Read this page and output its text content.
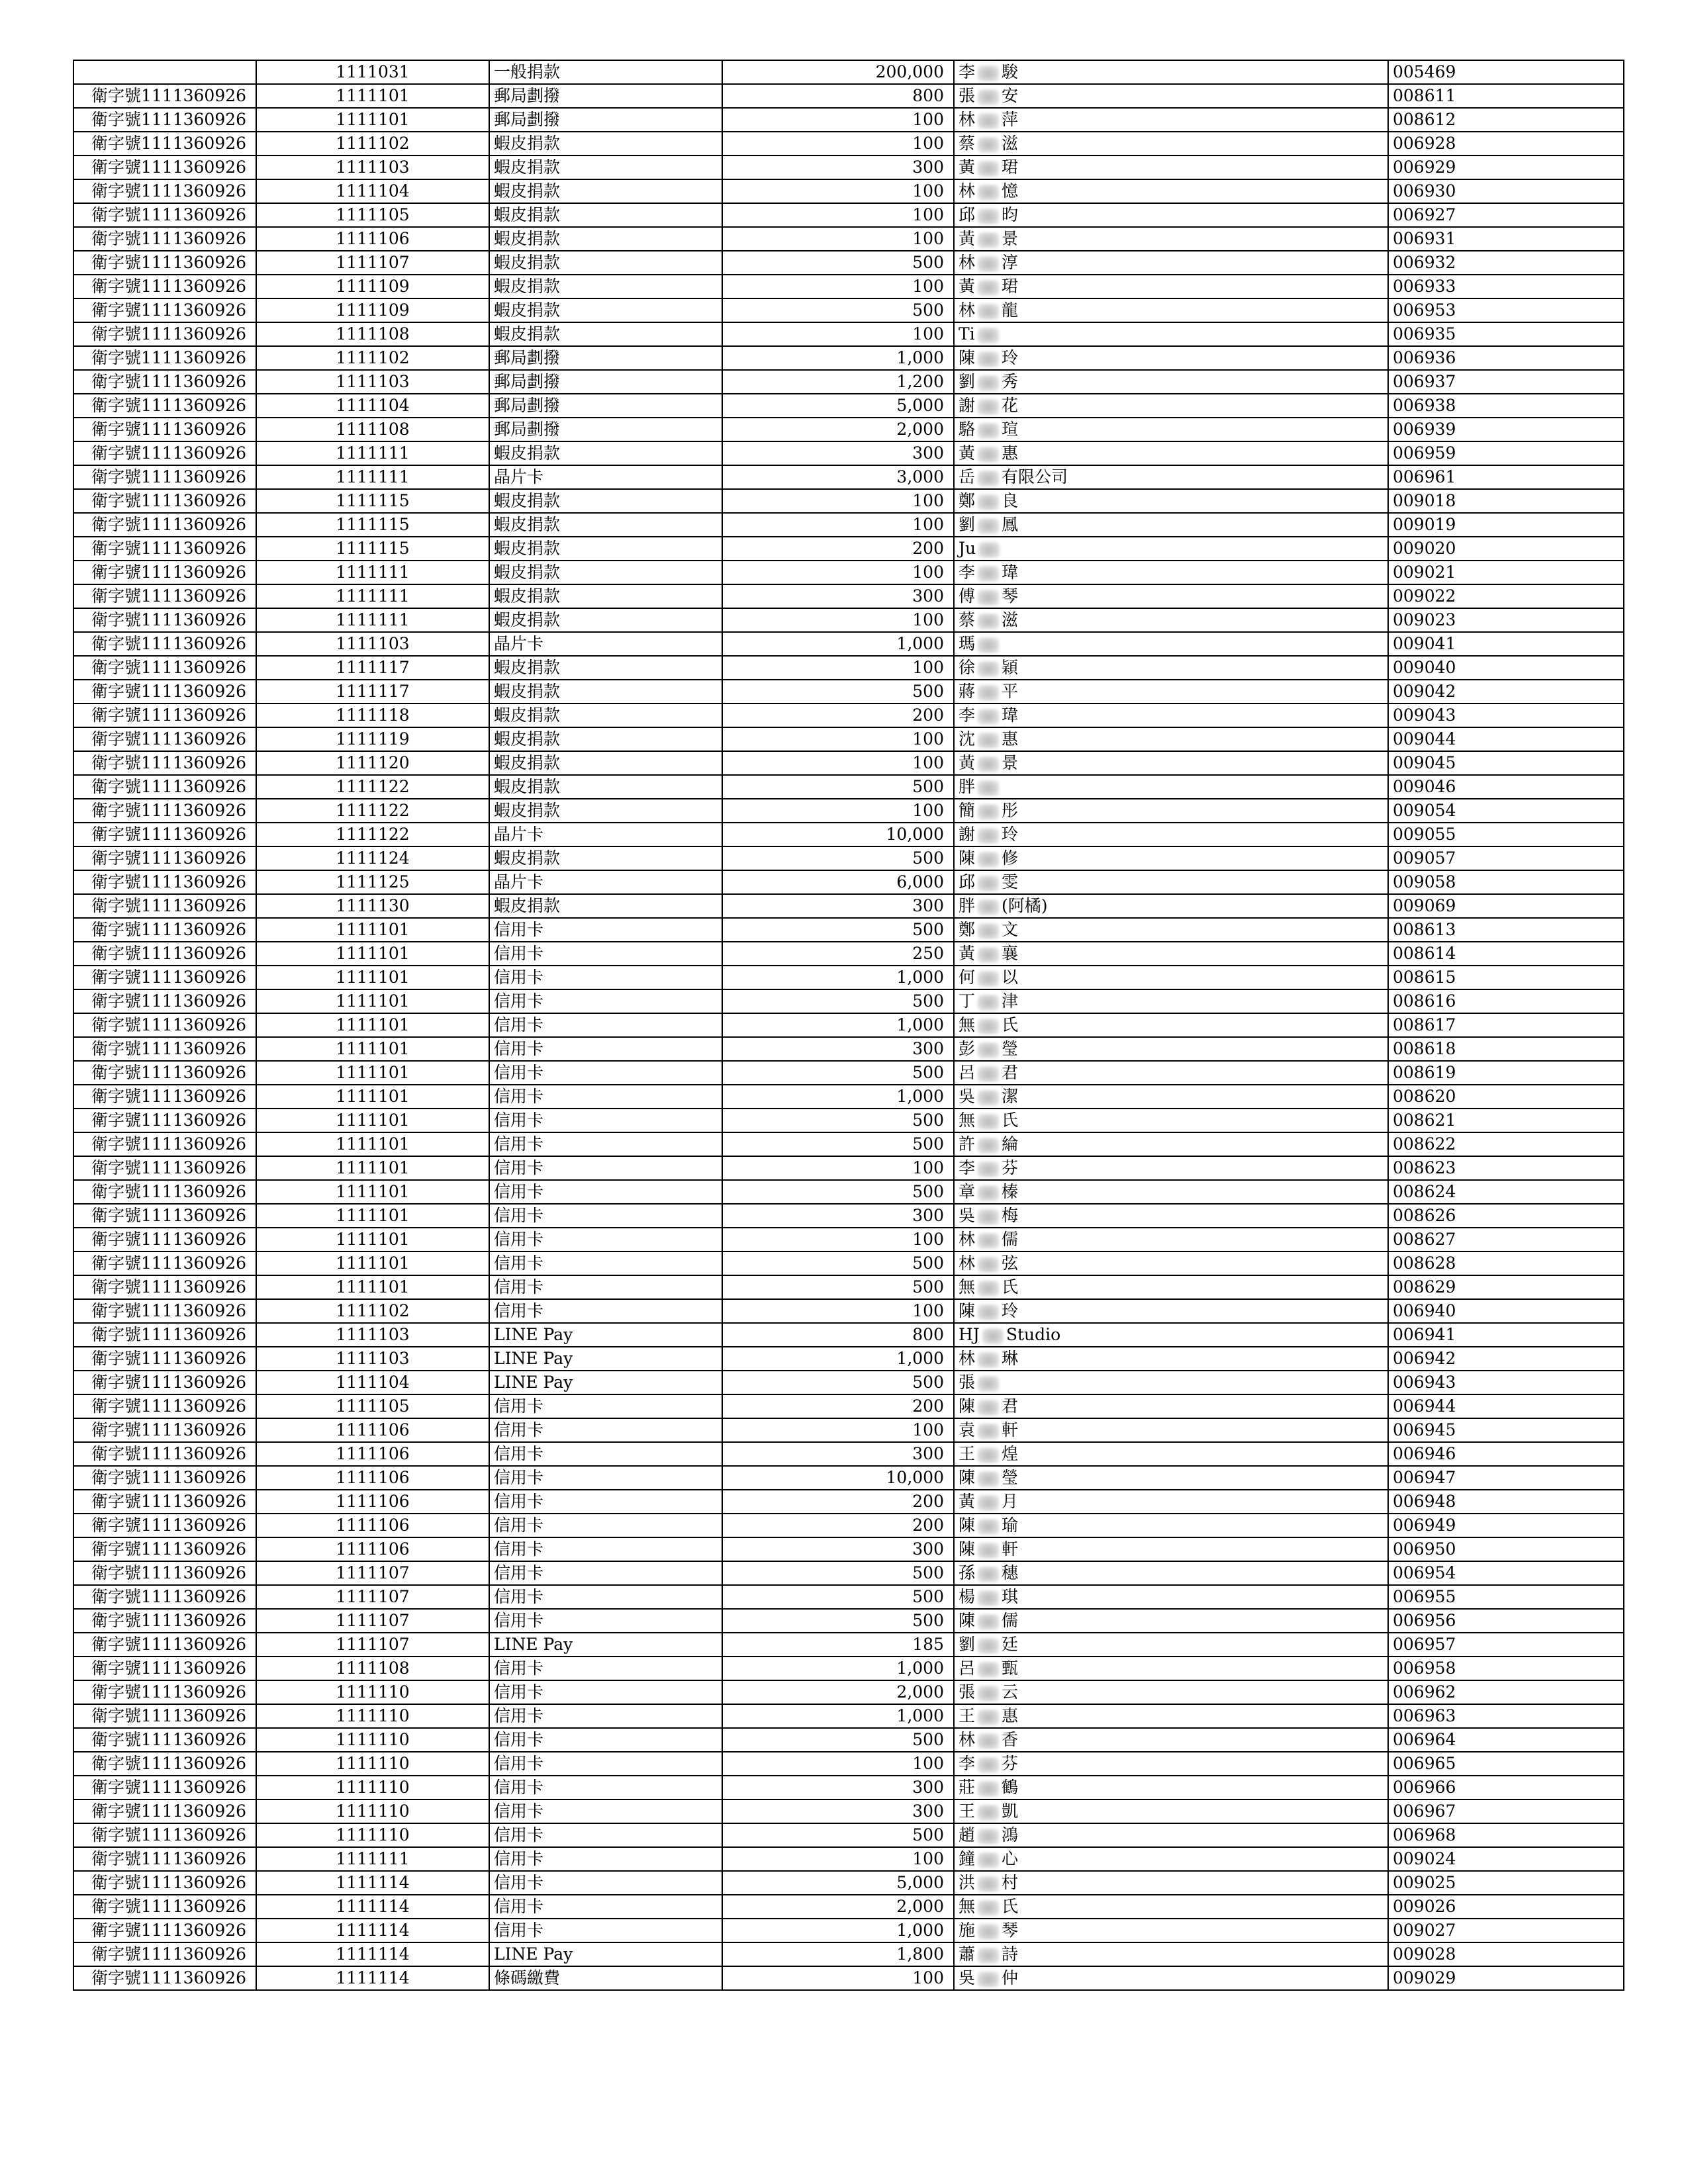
	1111031	一般捐款	200,000	李 駿	005469
衛字號1111360926	1111101	郵局劃撥	800	張 安	008611
衛字號1111360926	1111101	郵局劃撥	100	林 萍	008612
衛字號1111360926	1111102	蝦皮捐款	100	蔡 滋	006928
衛字號1111360926	1111103	蝦皮捐款	300	黃 珺	006929
衛字號1111360926	1111104	蝦皮捐款	100	林 憶	006930
衛字號1111360926	1111105	蝦皮捐款	100	邱 昀	006927
衛字號1111360926	1111106	蝦皮捐款	100	黃 景	006931
衛字號1111360926	1111107	蝦皮捐款	500	林 淳	006932
衛字號1111360926	1111109	蝦皮捐款	100	黃 珺	006933
衛字號1111360926	1111109	蝦皮捐款	500	林 龍	006953
衛字號1111360926	1111108	蝦皮捐款	100	Ti	006935
衛字號1111360926	1111102	郵局劃撥	1,000	陳 玲	006936
衛字號1111360926	1111103	郵局劃撥	1,200	劉 秀	006937
衛字號1111360926	1111104	郵局劃撥	5,000	謝 花	006938
衛字號1111360926	1111108	郵局劃撥	2,000	駱 瑄	006939
衛字號1111360926	1111111	蝦皮捐款	300	黃 惠	006959
衛字號1111360926	1111111	晶片卡	3,000	岳 有限公司	006961
衛字號1111360926	1111115	蝦皮捐款	100	鄭 良	009018
衛字號1111360926	1111115	蝦皮捐款	100	劉 鳳	009019
衛字號1111360926	1111115	蝦皮捐款	200	Ju	009020
衛字號1111360926	1111111	蝦皮捐款	100	李 瑋	009021
衛字號1111360926	1111111	蝦皮捐款	300	傅 琴	009022
衛字號1111360926	1111111	蝦皮捐款	100	蔡 滋	009023
衛字號1111360926	1111103	晶片卡	1,000	瑪	009041
衛字號1111360926	1111117	蝦皮捐款	100	徐 穎	009040
衛字號1111360926	1111117	蝦皮捐款	500	蔣 平	009042
衛字號1111360926	1111118	蝦皮捐款	200	李 瑋	009043
衛字號1111360926	1111119	蝦皮捐款	100	沈 惠	009044
衛字號1111360926	1111120	蝦皮捐款	100	黃 景	009045
衛字號1111360926	1111122	蝦皮捐款	500	胖	009046
衛字號1111360926	1111122	蝦皮捐款	100	簡 彤	009054
衛字號1111360926	1111122	晶片卡	10,000	謝 玲	009055
衛字號1111360926	1111124	蝦皮捐款	500	陳 修	009057
衛字號1111360926	1111125	晶片卡	6,000	邱 雯	009058
衛字號1111360926	1111130	蝦皮捐款	300	胖 (阿橘)	009069
衛字號1111360926	1111101	信用卡	500	鄭 文	008613
衛字號1111360926	1111101	信用卡	250	黃 襄	008614
衛字號1111360926	1111101	信用卡	1,000	何 以	008615
衛字號1111360926	1111101	信用卡	500	丁 津	008616
衛字號1111360926	1111101	信用卡	1,000	無 氏	008617
衛字號1111360926	1111101	信用卡	300	彭 瑩	008618
衛字號1111360926	1111101	信用卡	500	呂 君	008619
衛字號1111360926	1111101	信用卡	1,000	吳 潔	008620
衛字號1111360926	1111101	信用卡	500	無 氏	008621
衛字號1111360926	1111101	信用卡	500	許 綸	008622
衛字號1111360926	1111101	信用卡	100	李 芬	008623
衛字號1111360926	1111101	信用卡	500	章 榛	008624
衛字號1111360926	1111101	信用卡	300	吳 梅	008626
衛字號1111360926	1111101	信用卡	100	林 儒	008627
衛字號1111360926	1111101	信用卡	500	林 弦	008628
衛字號1111360926	1111101	信用卡	500	無 氏	008629
衛字號1111360926	1111102	信用卡	100	陳 玲	006940
衛字號1111360926	1111103	LINE Pay	800	HJ Studio	006941
衛字號1111360926	1111103	LINE Pay	1,000	林 琳	006942
衛字號1111360926	1111104	LINE Pay	500	張	006943
衛字號1111360926	1111105	信用卡	200	陳 君	006944
衛字號1111360926	1111106	信用卡	100	袁 軒	006945
衛字號1111360926	1111106	信用卡	300	王 煌	006946
衛字號1111360926	1111106	信用卡	10,000	陳 瑩	006947
衛字號1111360926	1111106	信用卡	200	黃 月	006948
衛字號1111360926	1111106	信用卡	200	陳 瑜	006949
衛字號1111360926	1111106	信用卡	300	陳 軒	006950
衛字號1111360926	1111107	信用卡	500	孫 穗	006954
衛字號1111360926	1111107	信用卡	500	楊 琪	006955
衛字號1111360926	1111107	信用卡	500	陳 儒	006956
衛字號1111360926	1111107	LINE Pay	185	劉 廷	006957
衛字號1111360926	1111108	信用卡	1,000	呂 甄	006958
衛字號1111360926	1111110	信用卡	2,000	張 云	006962
衛字號1111360926	1111110	信用卡	1,000	王 惠	006963
衛字號1111360926	1111110	信用卡	500	林 香	006964
衛字號1111360926	1111110	信用卡	100	李 芬	006965
衛字號1111360926	1111110	信用卡	300	莊 鶴	006966
衛字號1111360926	1111110	信用卡	300	王 凱	006967
衛字號1111360926	1111110	信用卡	500	趙 鴻	006968
衛字號1111360926	1111111	信用卡	100	鐘 心	009024
衛字號1111360926	1111114	信用卡	5,000	洪 村	009025
衛字號1111360926	1111114	信用卡	2,000	無 氏	009026
衛字號1111360926	1111114	信用卡	1,000	施 琴	009027
衛字號1111360926	1111114	LINE Pay	1,800	蕭 詩	009028
衛字號1111360926	1111114	條碼繳費	100	吳 仲	009029
